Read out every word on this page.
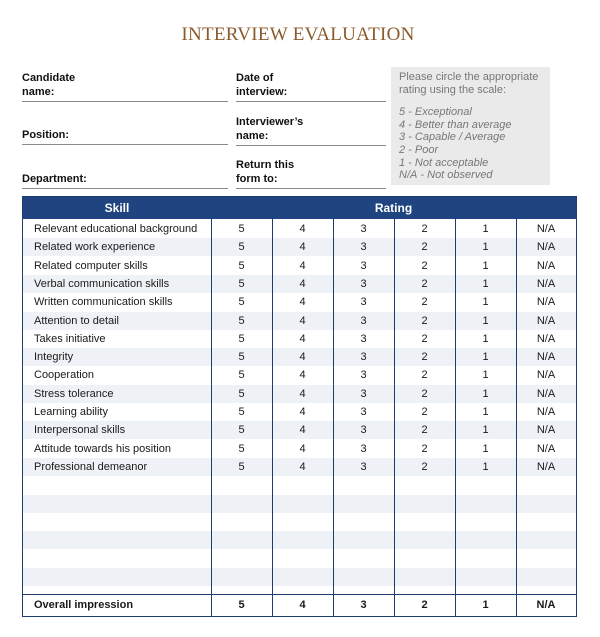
INTERVIEW EVALUATION
Candidate
name:
Position:
Department:
Date of
interview:
Interviewer’s
name:
Return this
form to:
Please circle the appropriate rating using the scale:
5 - Exceptional
4 - Better than average
3 - Capable / Average
2 - Poor
1 - Not acceptable
N/A - Not observed
Skill	Rating
Relevant educational background	5	4	3	2	1	N/A
Related work experience	5	4	3	2	1	N/A
Related computer skills	5	4	3	2	1	N/A
Verbal communication skills	5	4	3	2	1	N/A
Written communication skills	5	4	3	2	1	N/A
Attention to detail	5	4	3	2	1	N/A
Takes initiative	5	4	3	2	1	N/A
Integrity	5	4	3	2	1	N/A
Cooperation	5	4	3	2	1	N/A
Stress tolerance	5	4	3	2	1	N/A
Learning ability	5	4	3	2	1	N/A
Interpersonal skills	5	4	3	2	1	N/A
Attitude towards his position	5	4	3	2	1	N/A
Professional demeanor	5	4	3	2	1	N/A
Overall impression	5	4	3	2	1	N/A
